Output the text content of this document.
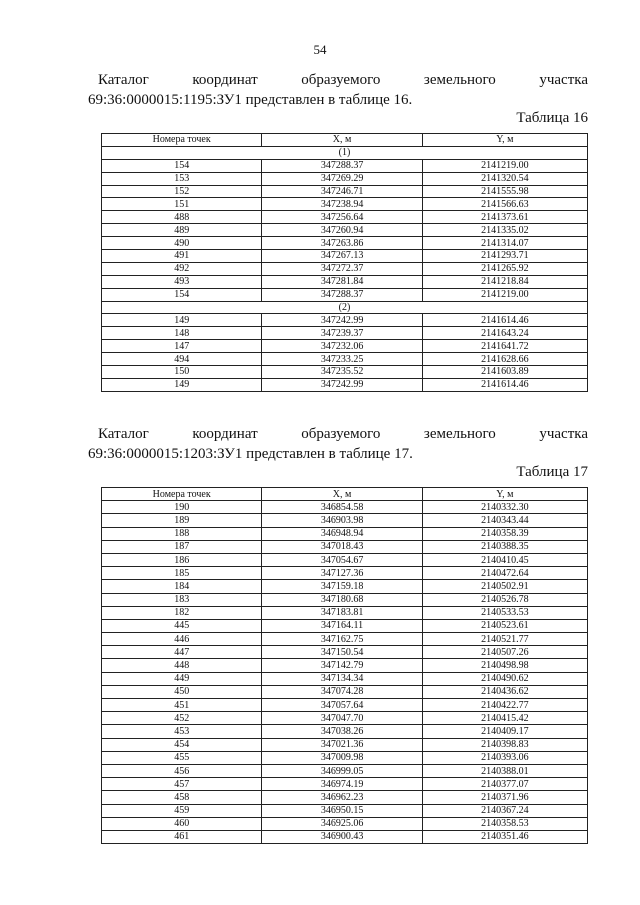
54
Каталог	координат	образуемого	земельного	участка
69:36:0000015:1195:ЗУ1 представлен в таблице 16.
Таблица 16
Номера точек	X, м	Y, м
(1)		
154	347288.37	2141219.00
153	347269.29	2141320.54
152	347246.71	2141555.98
151	347238.94	2141566.63
488	347256.64	2141373.61
489	347260.94	2141335.02
490	347263.86	2141314.07
491	347267.13	2141293.71
492	347272.37	2141265.92
493	347281.84	2141218.84
154	347288.37	2141219.00
(2)		
149	347242.99	2141614.46
148	347239.37	2141643.24
147	347232.06	2141641.72
494	347233.25	2141628.66
150	347235.52	2141603.89
149	347242.99	2141614.46
Каталог	координат	образуемого	земельного	участка
69:36:0000015:1203:ЗУ1 представлен в таблице 17.
Таблица 17
Номера точек	X, м	Y, м
190	346854.58	2140332.30
189	346903.98	2140343.44
188	346948.94	2140358.39
187	347018.43	2140388.35
186	347054.67	2140410.45
185	347127.36	2140472.64
184	347159.18	2140502.91
183	347180.68	2140526.78
182	347183.81	2140533.53
445	347164.11	2140523.61
446	347162.75	2140521.77
447	347150.54	2140507.26
448	347142.79	2140498.98
449	347134.34	2140490.62
450	347074.28	2140436.62
451	347057.64	2140422.77
452	347047.70	2140415.42
453	347038.26	2140409.17
454	347021.36	2140398.83
455	347009.98	2140393.06
456	346999.05	2140388.01
457	346974.19	2140377.07
458	346962.23	2140371.96
459	346950.15	2140367.24
460	346925.06	2140358.53
461	346900.43	2140351.46
